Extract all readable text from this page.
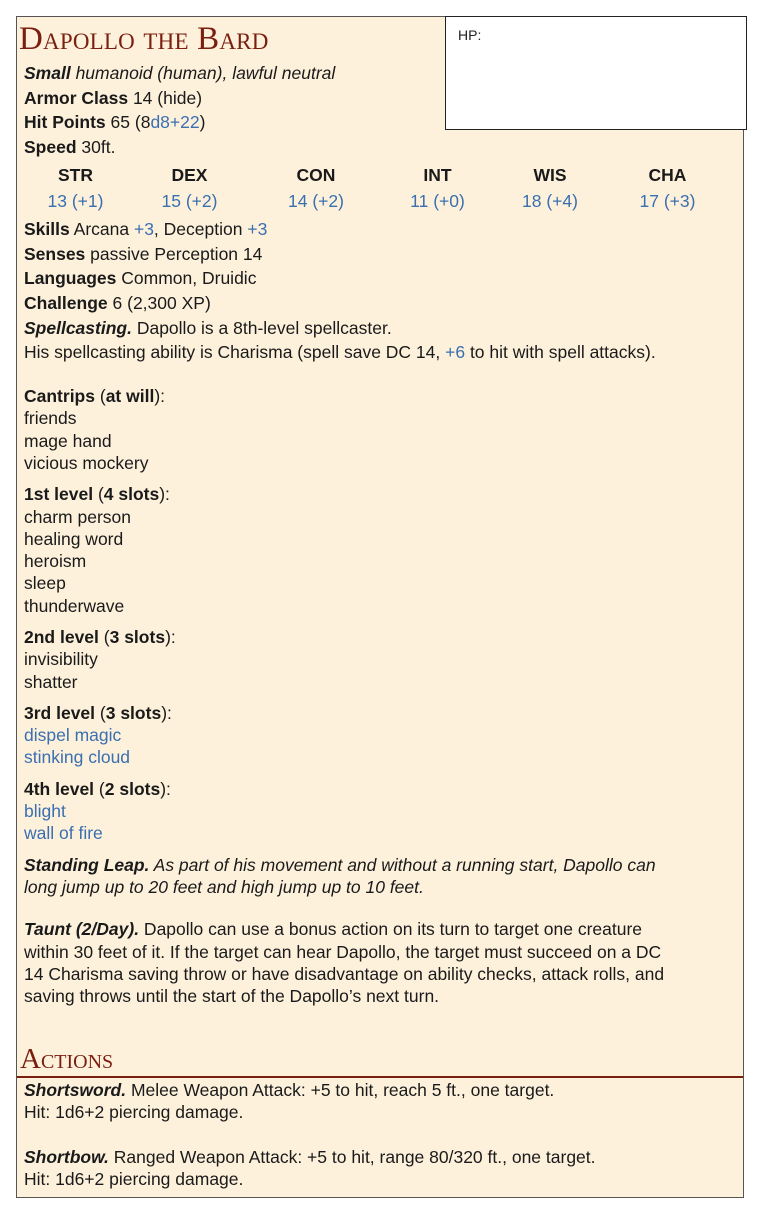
Dapollo the Bard
Small humanoid (human), lawful neutral
Armor Class 14 (hide)
Hit Points 65 (8d8+22)
Speed 30ft.
STR
13 (+1)
DEX
15 (+2)
CON
14 (+2)
INT
11 (+0)
WIS
18 (+4)
CHA
17 (+3)
Skills Arcana +3, Deception +3
Senses passive Perception 14
Languages Common, Druidic
Challenge 6 (2,300 XP)
Spellcasting. Dapollo is a 8th-level spellcaster.
His spellcasting ability is Charisma (spell save DC 14, +6 to hit with spell attacks).
Cantrips (at will):
friends
mage hand
vicious mockery
1st level (4 slots):
charm person
healing word
heroism
sleep
thunderwave
2nd level (3 slots):
invisibility
shatter
3rd level (3 slots):
dispel magic
stinking cloud
4th level (2 slots):
blight
wall of fire
Standing Leap. As part of his movement and without a running start, Dapollo can
long jump up to 20 feet and high jump up to 10 feet.
Taunt (2/Day). Dapollo can use a bonus action on its turn to target one creature
within 30 feet of it. If the target can hear Dapollo, the target must succeed on a DC
14 Charisma saving throw or have disadvantage on ability checks, attack rolls, and
saving throws until the start of the Dapollo’s next turn.
Actions
Shortsword. Melee Weapon Attack: +5 to hit, reach 5 ft., one target.
Hit: 1d6+2 piercing damage.
Shortbow. Ranged Weapon Attack: +5 to hit, range 80/320 ft., one target.
Hit: 1d6+2 piercing damage.
HP:
